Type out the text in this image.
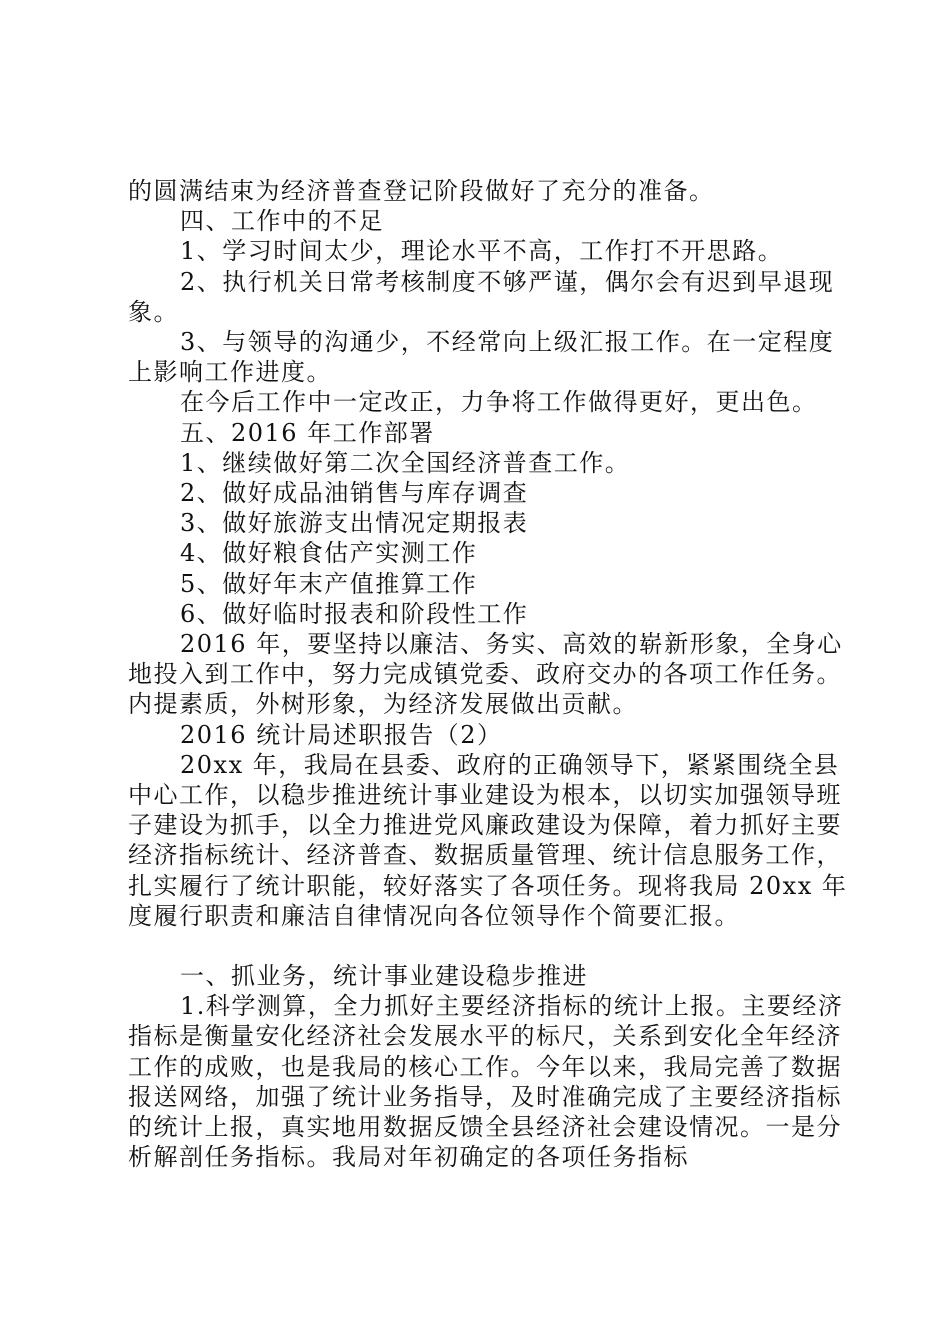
的圆满结束为经济普查登记阶段做好了充分的准备。

四、工作中的不足

1、学习时间太少，理论水平不高，工作打不开思路。

2、执行机关日常考核制度不够严谨，偶尔会有迟到早退现象。

3、与领导的沟通少，不经常向上级汇报工作。在一定程度上影响工作进度。

在今后工作中一定改正，力争将工作做得更好，更出色。

五、2016 年工作部署

1、继续做好第二次全国经济普查工作。

2、做好成品油销售与库存调查

3、做好旅游支出情况定期报表

4、做好粮食估产实测工作

5、做好年末产值推算工作

6、做好临时报表和阶段性工作

2016 年，要坚持以廉洁、务实、高效的崭新形象，全身心地投入到工作中，努力完成镇党委、政府交办的各项工作任务。内提素质，外树形象，为经济发展做出贡献。

2016 统计局述职报告（2）

20xx 年，我局在县委、政府的正确领导下，紧紧围绕全县中心工作，以稳步推进统计事业建设为根本，以切实加强领导班子建设为抓手，以全力推进党风廉政建设为保障，着力抓好主要经济指标统计、经济普查、数据质量管理、统计信息服务工作，扎实履行了统计职能，较好落实了各项任务。现将我局 20xx 年度履行职责和廉洁自律情况向各位领导作个简要汇报。

一、抓业务，统计事业建设稳步推进

1.科学测算，全力抓好主要经济指标的统计上报。主要经济指标是衡量安化经济社会发展水平的标尺，关系到安化全年经济工作的成败，也是我局的核心工作。今年以来，我局完善了数据报送网络，加强了统计业务指导，及时准确完成了主要经济指标的统计上报，真实地用数据反馈全县经济社会建设情况。一是分析解剖任务指标。我局对年初确定的各项任务指标
